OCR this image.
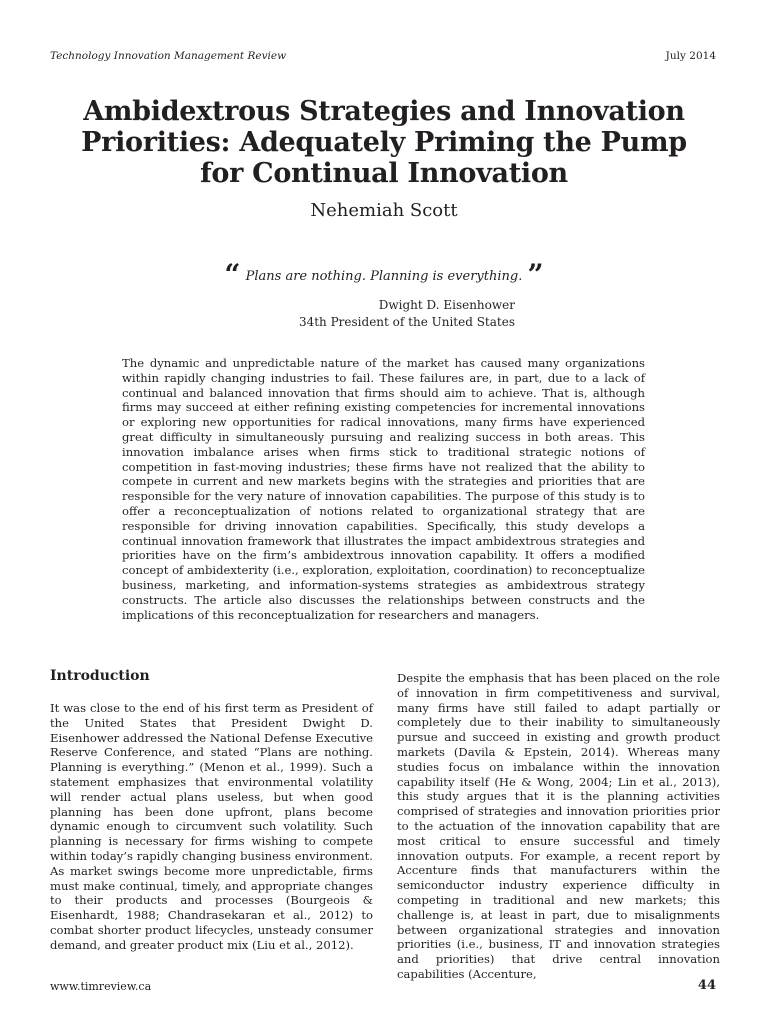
Technology Innovation Management Review	July 2014
Ambidextrous Strategies and Innovation Priorities: Adequately Priming the Pump for Continual Innovation
Nehemiah Scott
“ Plans are nothing. Planning is everything. ”
Dwight D. Eisenhower
34th President of the United States
The dynamic and unpredictable nature of the market has caused many organizations within rapidly changing industries to fail. These failures are, in part, due to a lack of continual and balanced innovation that firms should aim to achieve. That is, although firms may succeed at either refining existing competencies for incremental innovations or exploring new opportunities for radical innovations, many firms have experienced great difficulty in simultaneously pursuing and realizing success in both areas. This innovation imbalance arises when firms stick to traditional strategic notions of competition in fast-moving industries; these firms have not realized that the ability to compete in current and new markets begins with the strategies and priorities that are responsible for the very nature of innovation capabilities. The purpose of this study is to offer a reconceptualization of notions related to organizational strategy that are responsible for driving innovation capabilities. Specifically, this study develops a continual innovation framework that illustrates the impact ambidextrous strategies and priorities have on the firm’s ambidextrous innovation capability. It offers a modified concept of ambidexterity (i.e., exploration, exploitation, coordination) to reconceptualize business, marketing, and information-systems strategies as ambidextrous strategy constructs. The article also discusses the relationships between constructs and the implications of this reconceptualization for researchers and managers.
Introduction
It was close to the end of his first term as President of the United States that President Dwight D. Eisenhower addressed the National Defense Executive Reserve Conference, and stated “Plans are nothing. Planning is everything.” (Menon et al., 1999). Such a statement emphasizes that environmental volatility will render actual plans useless, but when good planning has been done upfront, plans become dynamic enough to circumvent such volatility. Such planning is necessary for firms wishing to compete within today’s rapidly changing business environment. As market swings become more unpredictable, firms must make continual, timely, and appropriate changes to their products and processes (Bourgeois & Eisenhardt, 1988; Chandrasekaran et al., 2012) to combat shorter product lifecycles, unsteady consumer demand, and greater product mix (Liu et al., 2012).
Despite the emphasis that has been placed on the role of innovation in firm competitiveness and survival, many firms have still failed to adapt partially or completely due to their inability to simultaneously pursue and succeed in existing and growth product markets (Davila & Epstein, 2014). Whereas many studies focus on imbalance within the innovation capability itself (He & Wong, 2004; Lin et al., 2013), this study argues that it is the planning activities comprised of strategies and innovation priorities prior to the actuation of the innovation capability that are most critical to ensure successful and timely innovation outputs. For example, a recent report by Accenture finds that manufacturers within the semiconductor industry experience difficulty in competing in traditional and new markets; this challenge is, at least in part, due to misalignments between organizational strategies and innovation priorities (i.e., business, IT and innovation strategies and priorities) that drive central innovation capabilities (Accenture,
www.timreview.ca	44
